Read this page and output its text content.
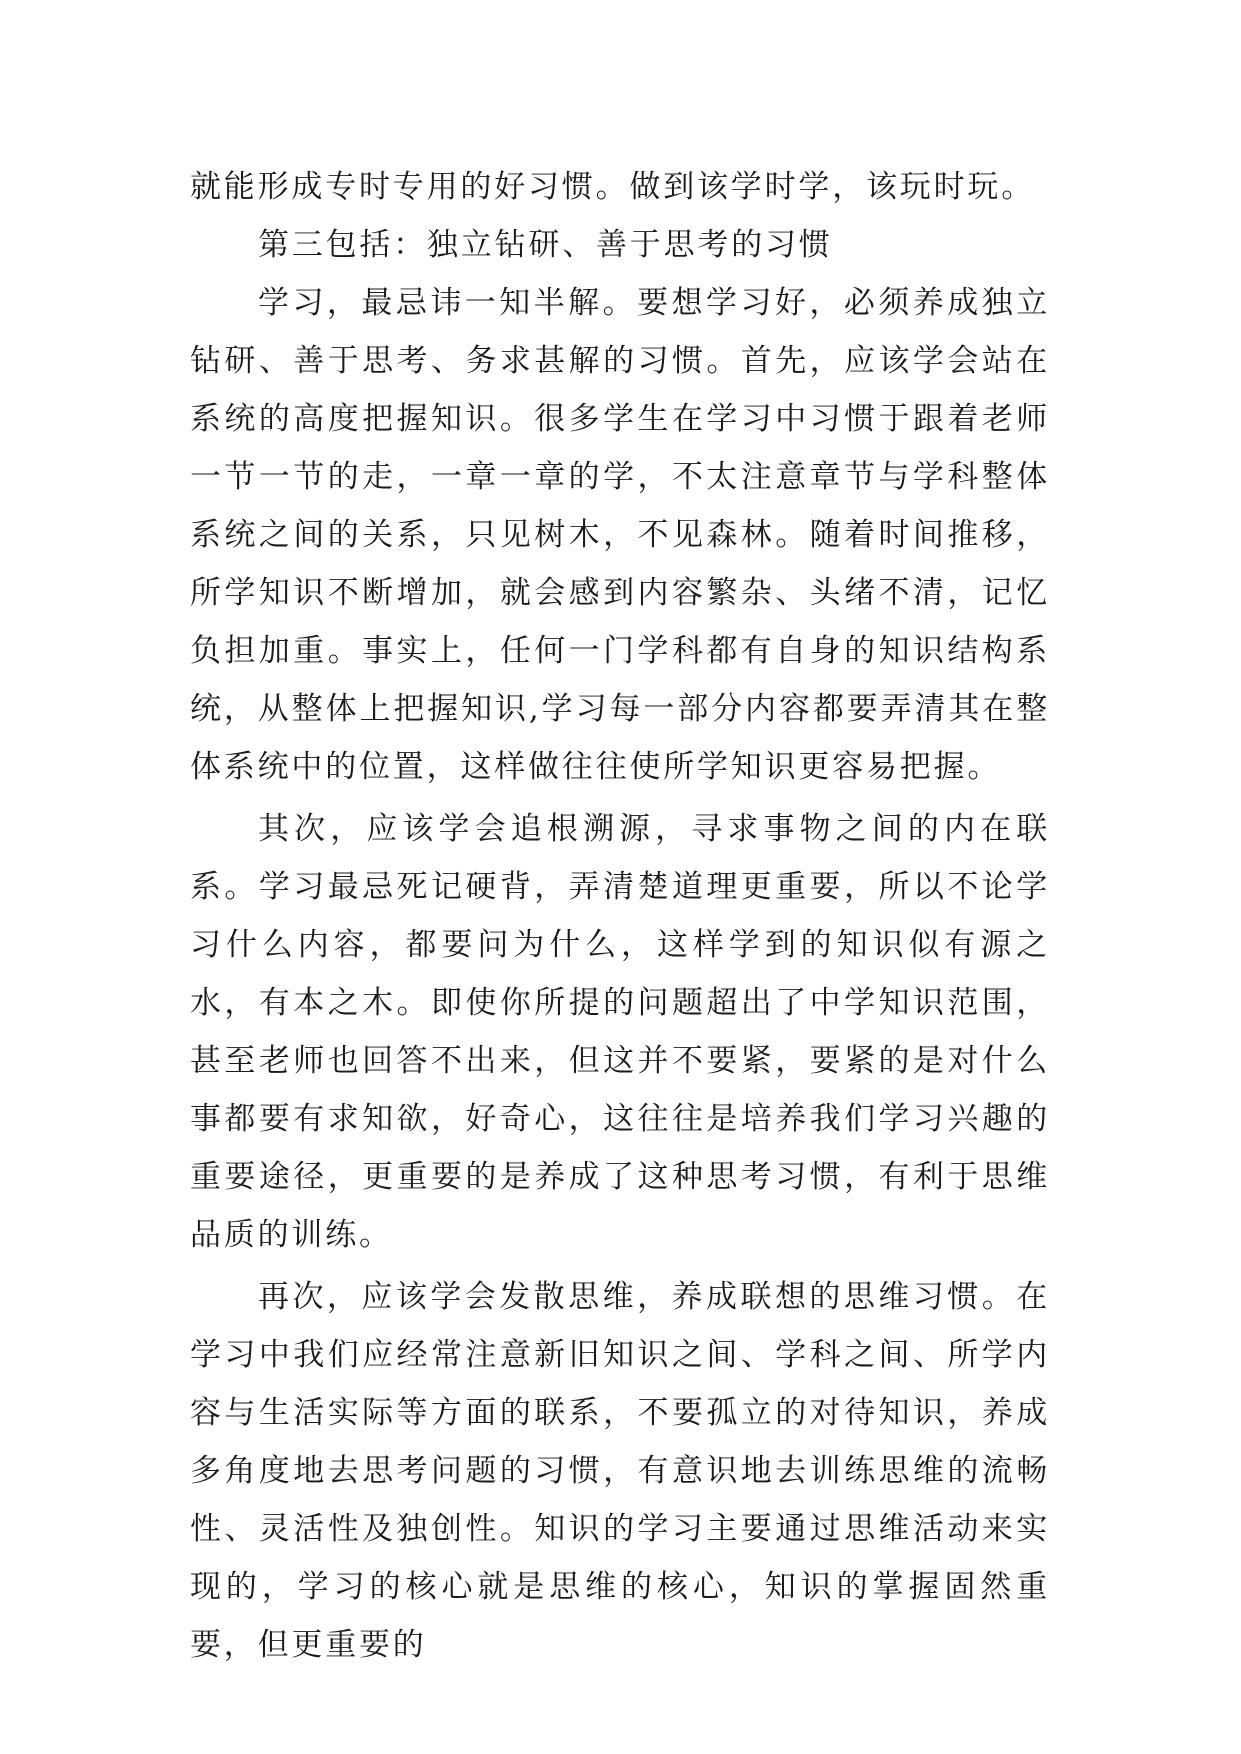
就能形成专时专用的好习惯。做到该学时学，该玩时玩。

第三包括：独立钻研、善于思考的习惯

学习，最忌讳一知半解。要想学习好，必须养成独立钻研、善于思考、务求甚解的习惯。首先，应该学会站在系统的高度把握知识。很多学生在学习中习惯于跟着老师一节一节的走，一章一章的学，不太注意章节与学科整体系统之间的关系，只见树木，不见森林。随着时间推移，所学知识不断增加，就会感到内容繁杂、头绪不清，记忆负担加重。事实上，任何一门学科都有自身的知识结构系统，从整体上把握知识,学习每一部分内容都要弄清其在整体系统中的位置，这样做往往使所学知识更容易把握。

其次，应该学会追根溯源，寻求事物之间的内在联系。学习最忌死记硬背，弄清楚道理更重要，所以不论学习什么内容，都要问为什么，这样学到的知识似有源之水，有本之木。即使你所提的问题超出了中学知识范围，甚至老师也回答不出来，但这并不要紧，要紧的是对什么事都要有求知欲，好奇心，这往往是培养我们学习兴趣的重要途径，更重要的是养成了这种思考习惯，有利于思维品质的训练。

再次，应该学会发散思维，养成联想的思维习惯。在学习中我们应经常注意新旧知识之间、学科之间、所学内容与生活实际等方面的联系，不要孤立的对待知识，养成多角度地去思考问题的习惯，有意识地去训练思维的流畅性、灵活性及独创性。知识的学习主要通过思维活动来实现的，学习的核心就是思维的核心，知识的掌握固然重要，但更重要的
